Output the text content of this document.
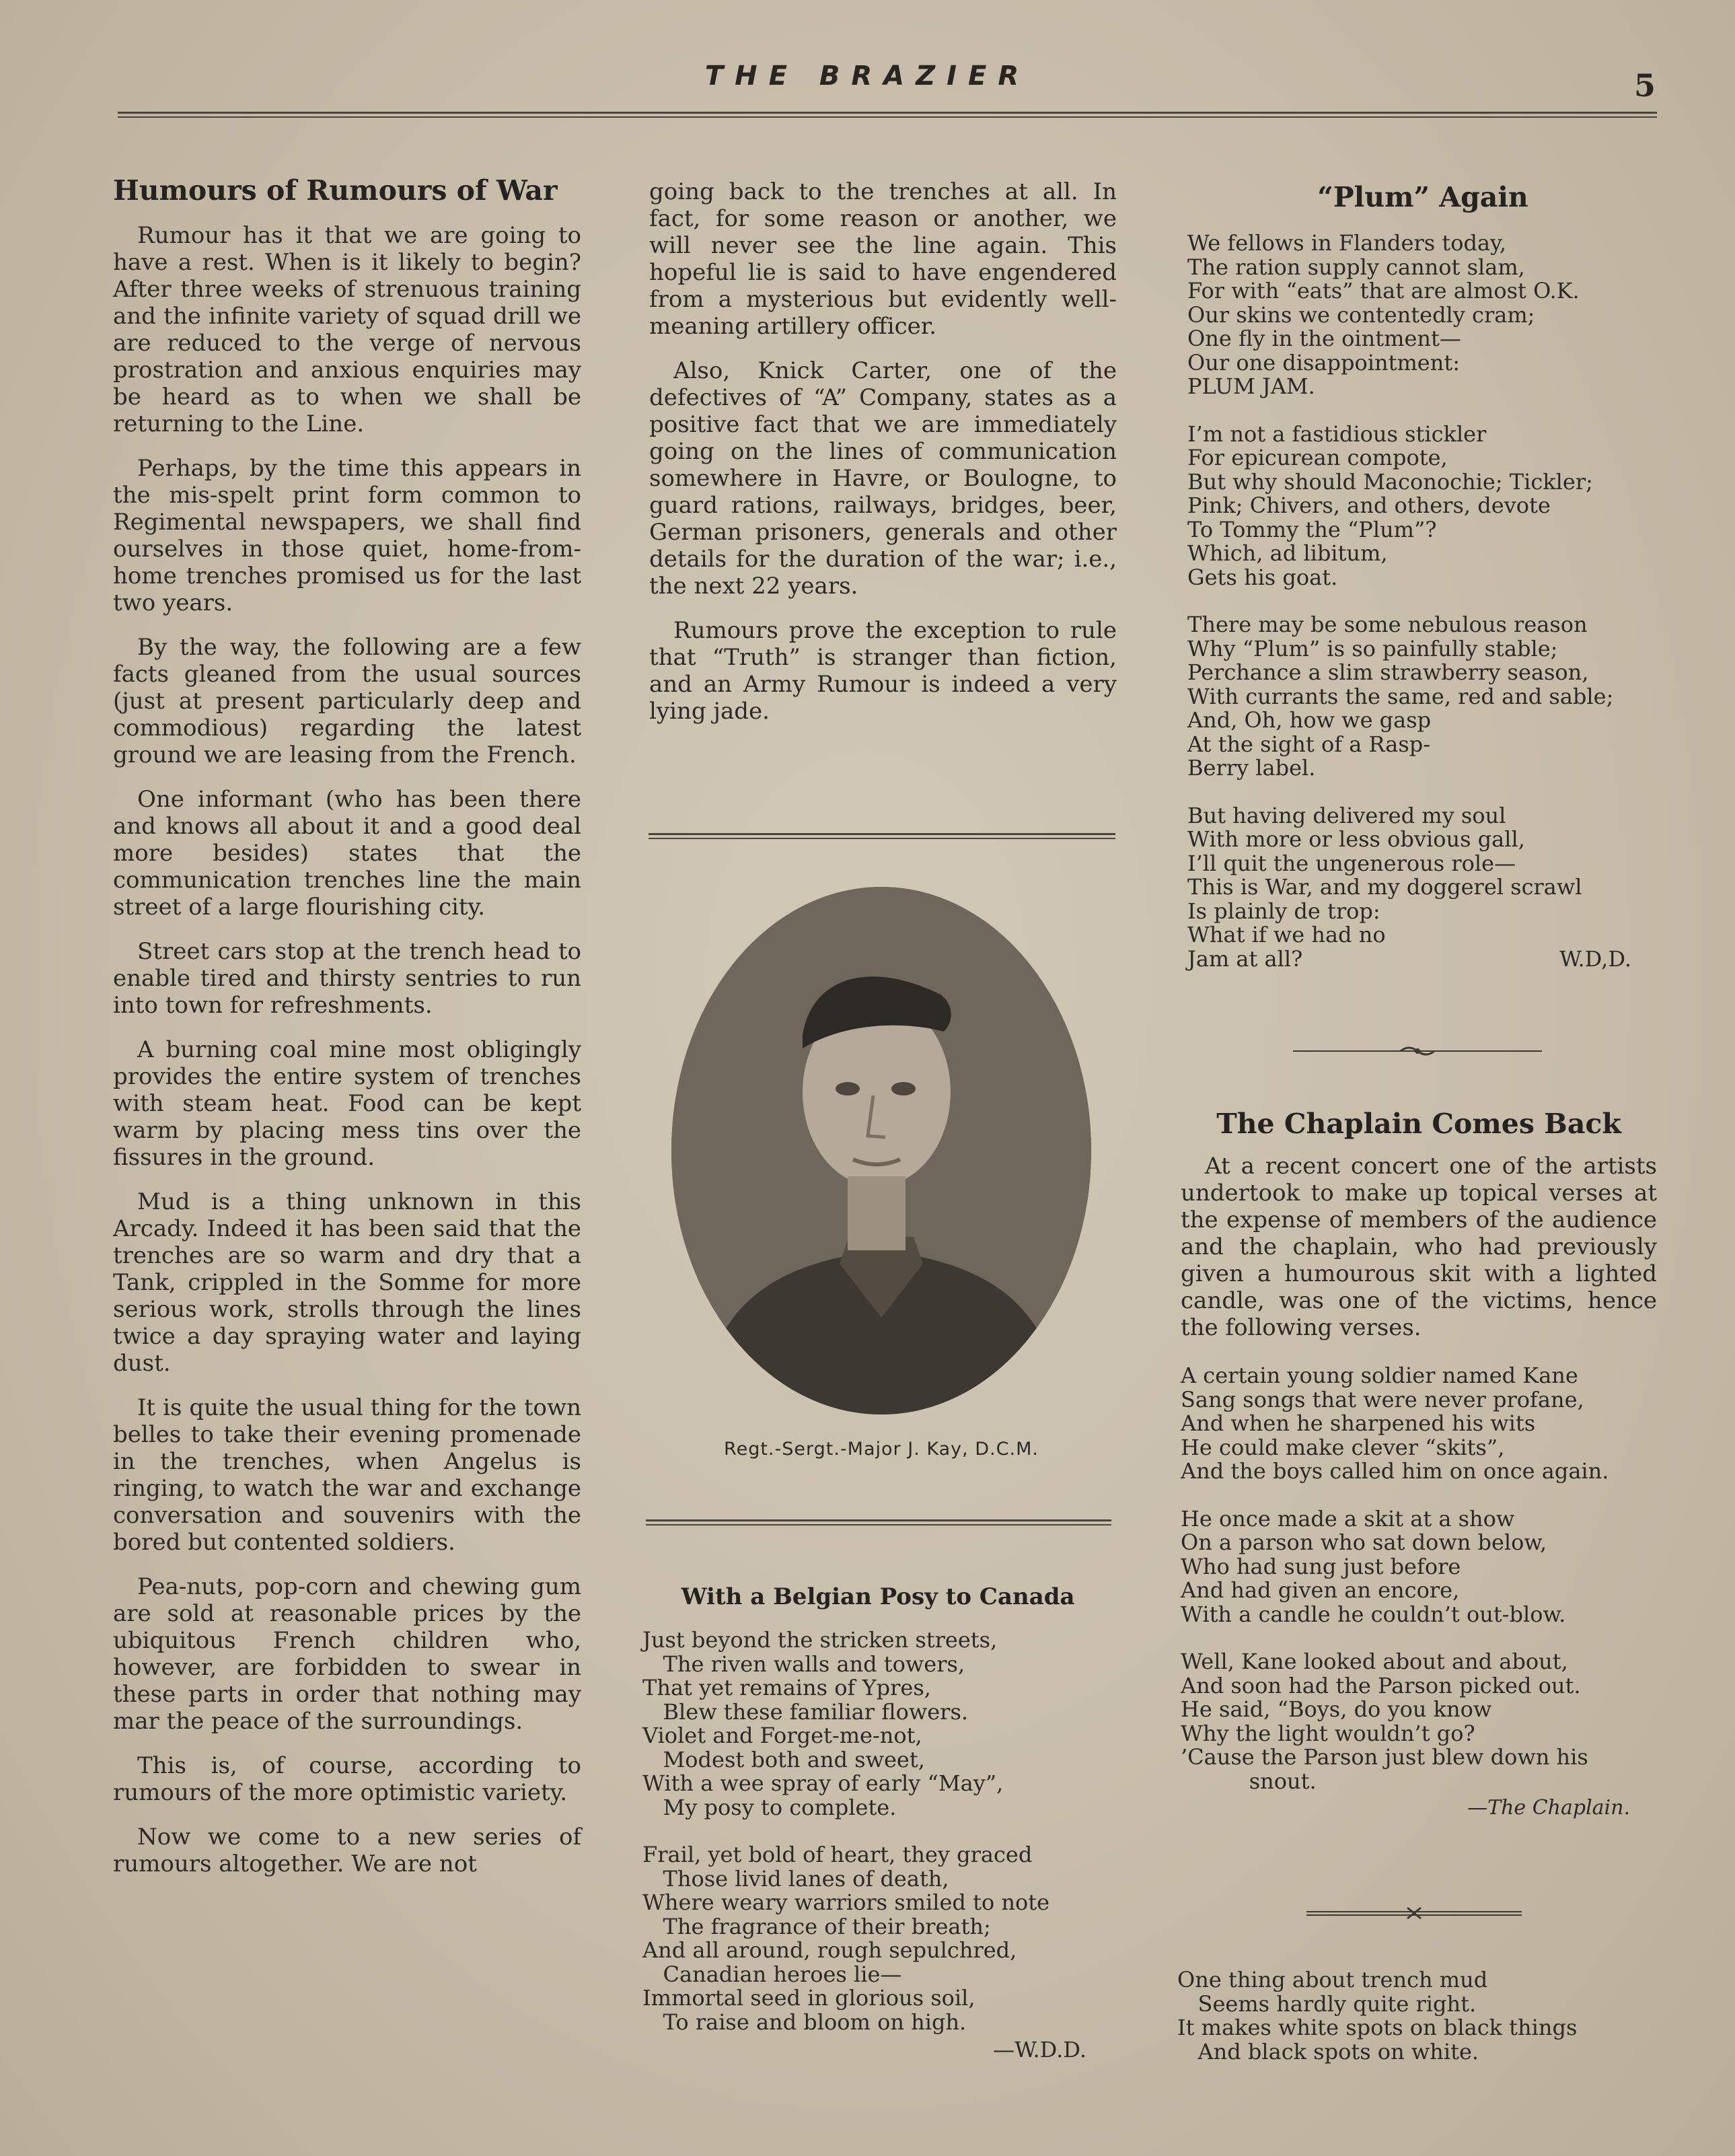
THE BRAZIER	5
Humours of Rumours of War

Rumour has it that we are going to have a rest. When is it likely to begin? After three weeks of strenuous training and the infinite variety of squad drill we are reduced to the verge of nervous prostration and anxious enquiries may be heard as to when we shall be returning to the Line.

Perhaps, by the time this appears in the mis-spelt print form common to Regimental newspapers, we shall find ourselves in those quiet, home-from-home trenches promised us for the last two years.

By the way, the following are a few facts gleaned from the usual sources (just at present particularly deep and commodious) regarding the latest ground we are leasing from the French.

One informant (who has been there and knows all about it and a good deal more besides) states that the communication trenches line the main street of a large flourishing city.

Street cars stop at the trench head to enable tired and thirsty sentries to run into town for refreshments.

A burning coal mine most obligingly provides the entire system of trenches with steam heat. Food can be kept warm by placing mess tins over the fissures in the ground.

Mud is a thing unknown in this Arcady. Indeed it has been said that the trenches are so warm and dry that a Tank, crippled in the Somme for more serious work, strolls through the lines twice a day spraying water and laying dust.

It is quite the usual thing for the town belles to take their evening promenade in the trenches, when Angelus is ringing, to watch the war and exchange conversation and souvenirs with the bored but contented soldiers.

Pea-nuts, pop-corn and chewing gum are sold at reasonable prices by the ubiquitous French children who, however, are forbidden to swear in these parts in order that nothing may mar the peace of the surroundings.

This is, of course, according to rumours of the more optimistic variety.

Now we come to a new series of rumours altogether. We are not

going back to the trenches at all. In fact, for some reason or another, we will never see the line again. This hopeful lie is said to have engendered from a mysterious but evidently well-meaning artillery officer.

Also, Knick Carter, one of the defectives of “A” Company, states as a positive fact that we are immediately going on the lines of communication somewhere in Havre, or Boulogne, to guard rations, railways, bridges, beer, German prisoners, generals and other details for the duration of the war; i.e., the next 22 years.

Rumours prove the exception to rule that “Truth” is stranger than fiction, and an Army Rumour is indeed a very lying jade.

Regt.-Sergt.-Major J. Kay, D.C.M.
With a Belgian Posy to Canada
Just beyond the stricken streets,
The riven walls and towers,
That yet remains of Ypres,
Blew these familiar flowers.
Violet and Forget-me-not,
Modest both and sweet,
With a wee spray of early “May”,
My posy to complete.
Frail, yet bold of heart, they graced
Those livid lanes of death,
Where weary warriors smiled to note
The fragrance of their breath;
And all around, rough sepulchred,
Canadian heroes lie—
Immortal seed in glorious soil,
To raise and bloom on high.
—W.D.D.
“Plum” Again
We fellows in Flanders today,
The ration supply cannot slam,
For with “eats” that are almost O.K.
Our skins we contentedly cram;
One fly in the ointment—
Our one disappointment:
PLUM JAM.
I’m not a fastidious stickler
For epicurean compote,
But why should Maconochie; Tickler;
Pink; Chivers, and others, devote
To Tommy the “Plum”?
Which, ad libitum,
Gets his goat.
There may be some nebulous reason
Why “Plum” is so painfully stable;
Perchance a slim strawberry season,
With currants the same, red and sable;
And, Oh, how we gasp
At the sight of a Rasp-
Berry label.
But having delivered my soul
With more or less obvious gall,
I’ll quit the ungenerous role—
This is War, and my doggerel scrawl
Is plainly de trop:
What if we had no
Jam at all?	W.D,D.
The Chaplain Comes Back

At a recent concert one of the artists undertook to make up topical verses at the expense of members of the audience and the chaplain, who had previously given a humourous skit with a lighted candle, was one of the victims, hence the following verses.

A certain young soldier named Kane
Sang songs that were never profane,
And when he sharpened his wits
He could make clever “skits”,
And the boys called him on once again.
He once made a skit at a show
On a parson who sat down below,
Who had sung just before
And had given an encore,
With a candle he couldn’t out-blow.
Well, Kane looked about and about,
And soon had the Parson picked out.
He said, “Boys, do you know
Why the light wouldn’t go?
’Cause the Parson just blew down his
snout.
—The Chaplain.
One thing about trench mud
Seems hardly quite right.
It makes white spots on black things
And black spots on white.
